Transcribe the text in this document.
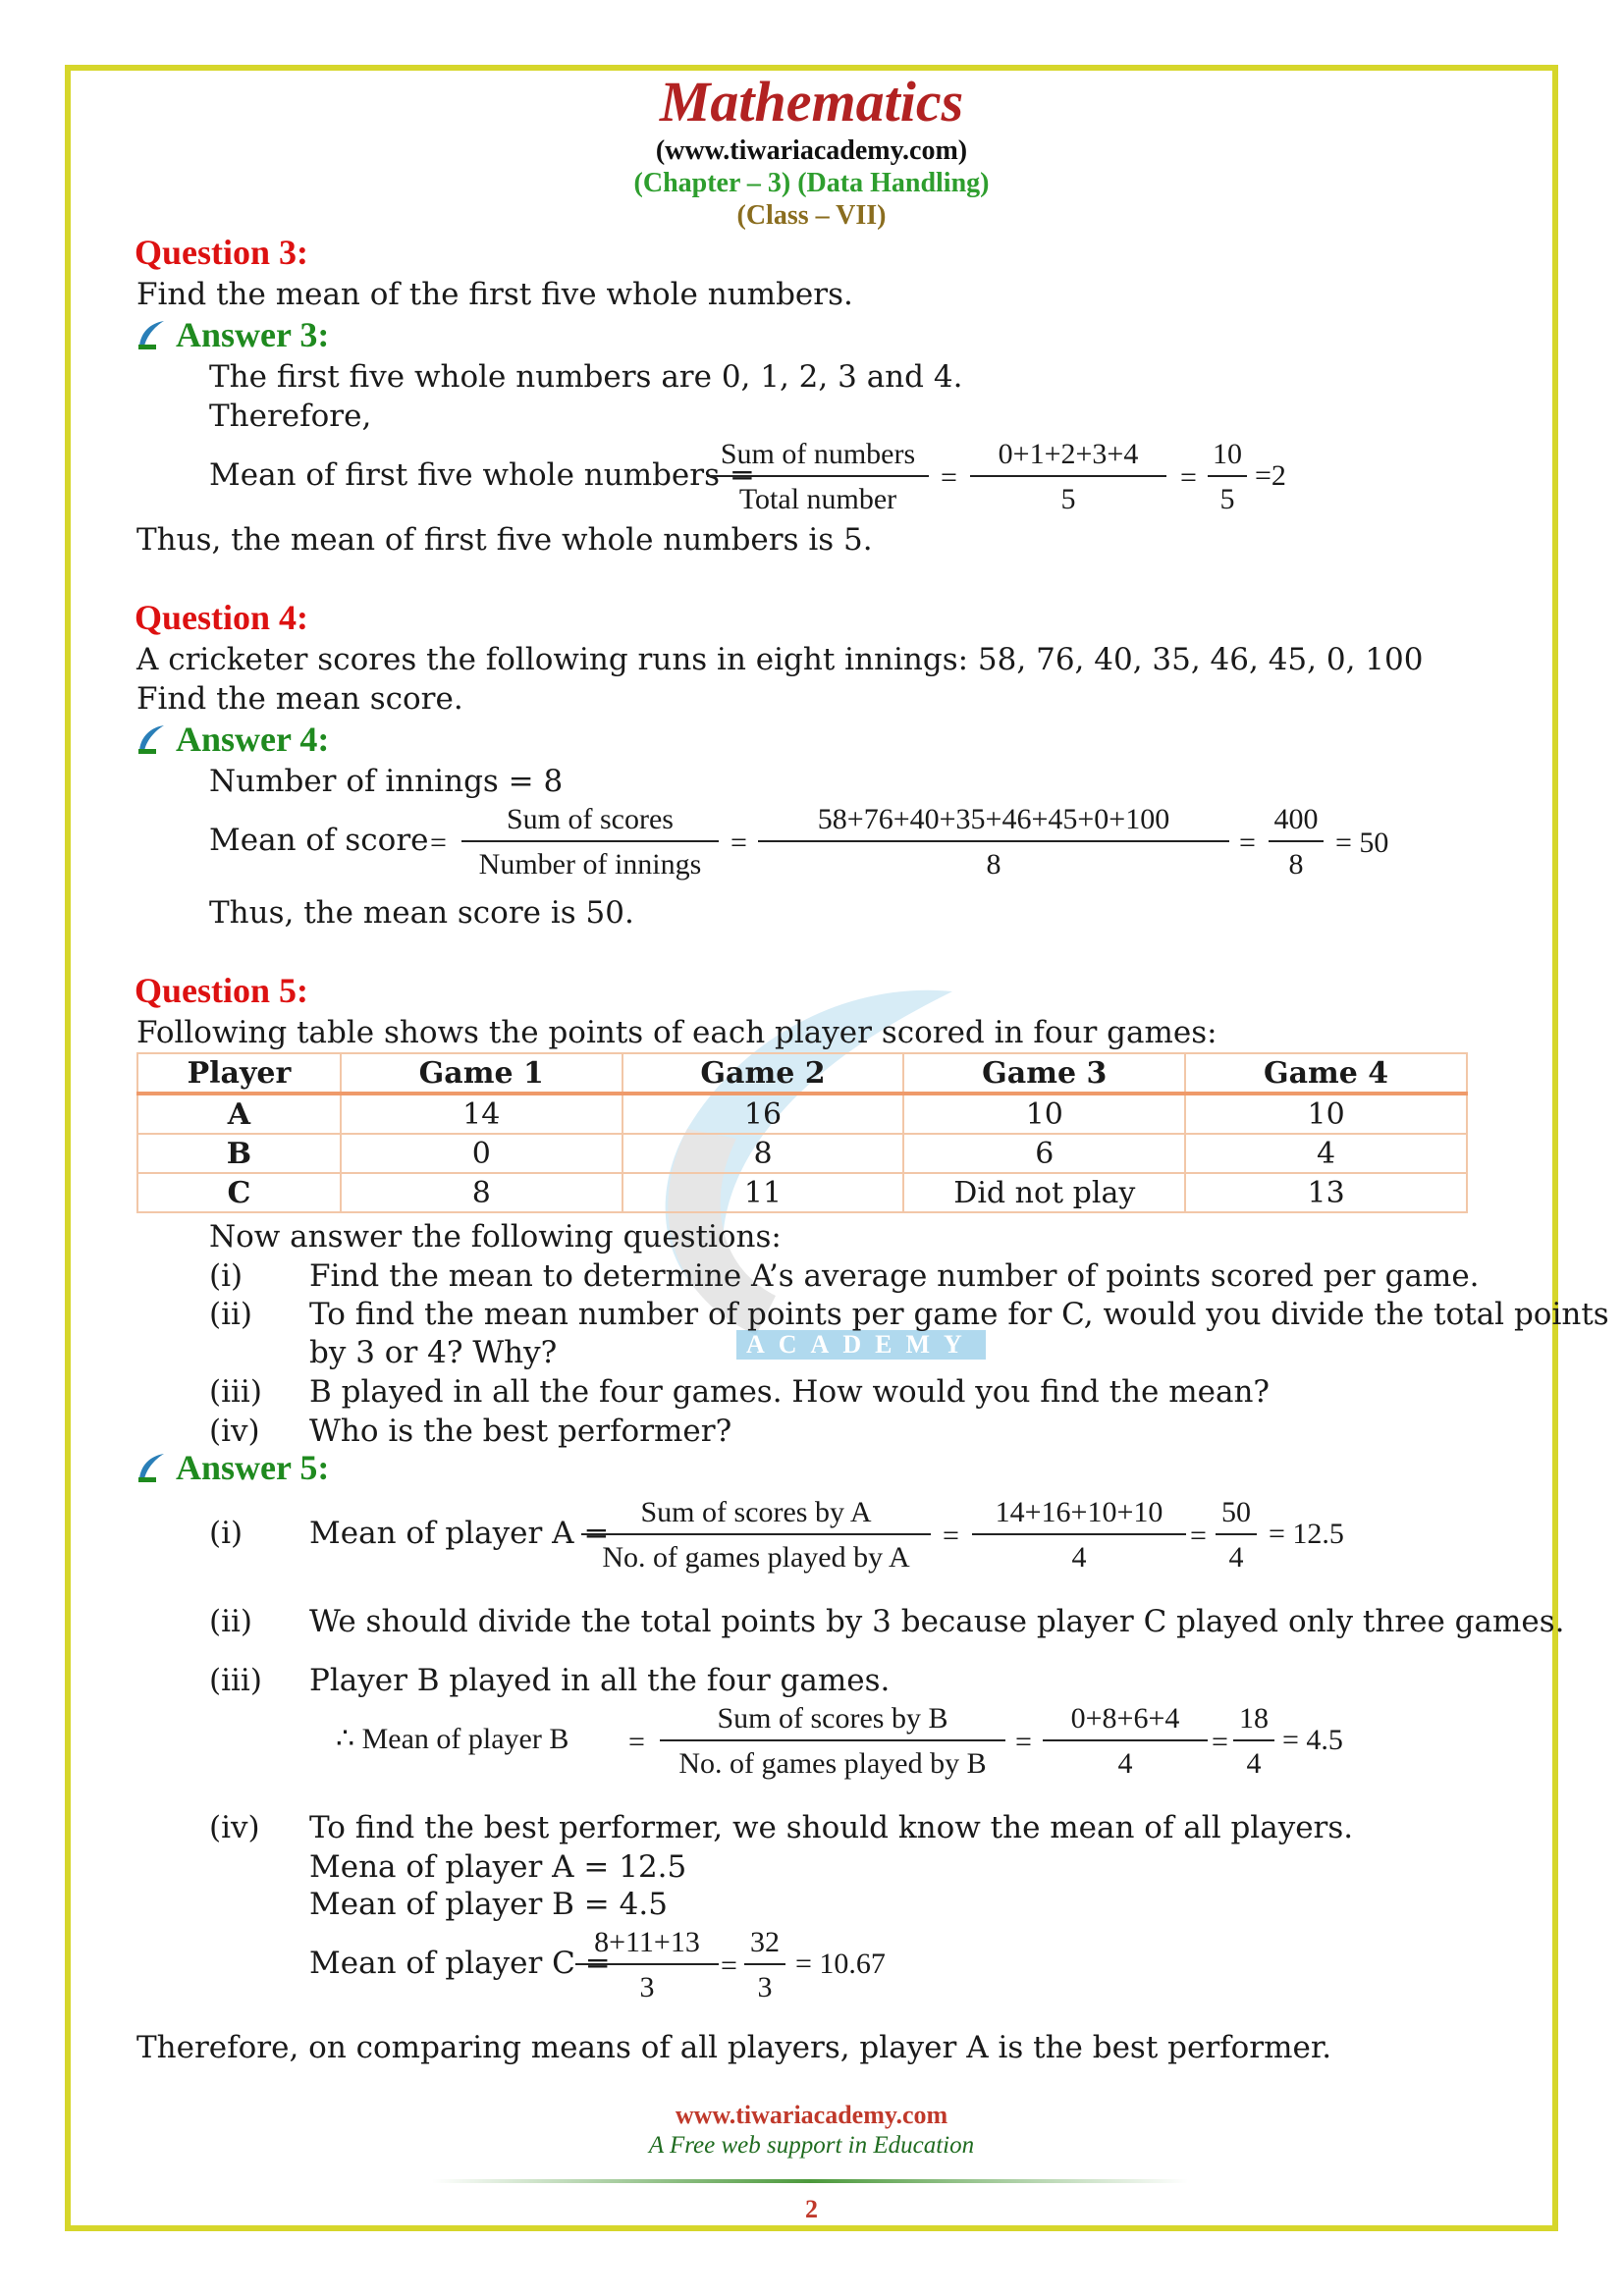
Mathematics
(www.tiwariacademy.com)
(Chapter – 3) (Data Handling)
(Class – VII)
ACADEMY
Question 3:
Find the mean of the first five whole numbers.
Answer 3:
The first five whole numbers are 0, 1, 2, 3 and 4.
Therefore,
Mean of first five whole numbers =
Sum of numbers
Total number
= $\frac{0+1+2+3+4}{5} = \frac{10}{5} =2$
Thus, the mean of first five whole numbers is 5.
Question 4:
A cricketer scores the following runs in eight innings: 58, 76, 40, 35, 46, 45, 0, 100
Find the mean score.
Answer 4:
Number of innings = 8
Mean of score =
Sum of scores
Number of innings
= $\frac{58+76+40+35+46+45+0+100}{8} = \frac{400}{8} = 50$
Thus, the mean score is 50.
Question 5:
Following table shows the points of each player scored in four games:
Player	Game 1	Game 2	Game 3	Game 4
A	14	16	10	10
B	0	8	6	4
C	8	11	Did not play	13
Now answer the following questions:
(i) Find the mean to determine A’s average number of points scored per game.
(ii) To find the mean number of points per game for C, would you divide the total points
by 3 or 4? Why?
(iii) B played in all the four games. How would you find the mean?
(iv) Who is the best performer?
Answer 5:
(i) Mean of player A =
Sum of scores by A
No. of games played by A
= $\frac{14+16+10+10}{4} = \frac{50}{4} = 12.5$
(ii) We should divide the total points by 3 because player C played only three games.
(iii) Player B played in all the four games.
∴ Mean of player B =
Sum of scores by B
No. of games played by B
= $\frac{0+8+6+4}{4} = \frac{18}{4} = 4.5$
(iv) To find the best performer, we should know the mean of all players.
Mena of player A = 12.5
Mean of player B = 4.5
Mean of player C =
$\frac{8+11+13}{3} = \frac{32}{3} = 10.67$
Therefore, on comparing means of all players, player A is the best performer.
www.tiwariacademy.com
A Free web support in Education
2
